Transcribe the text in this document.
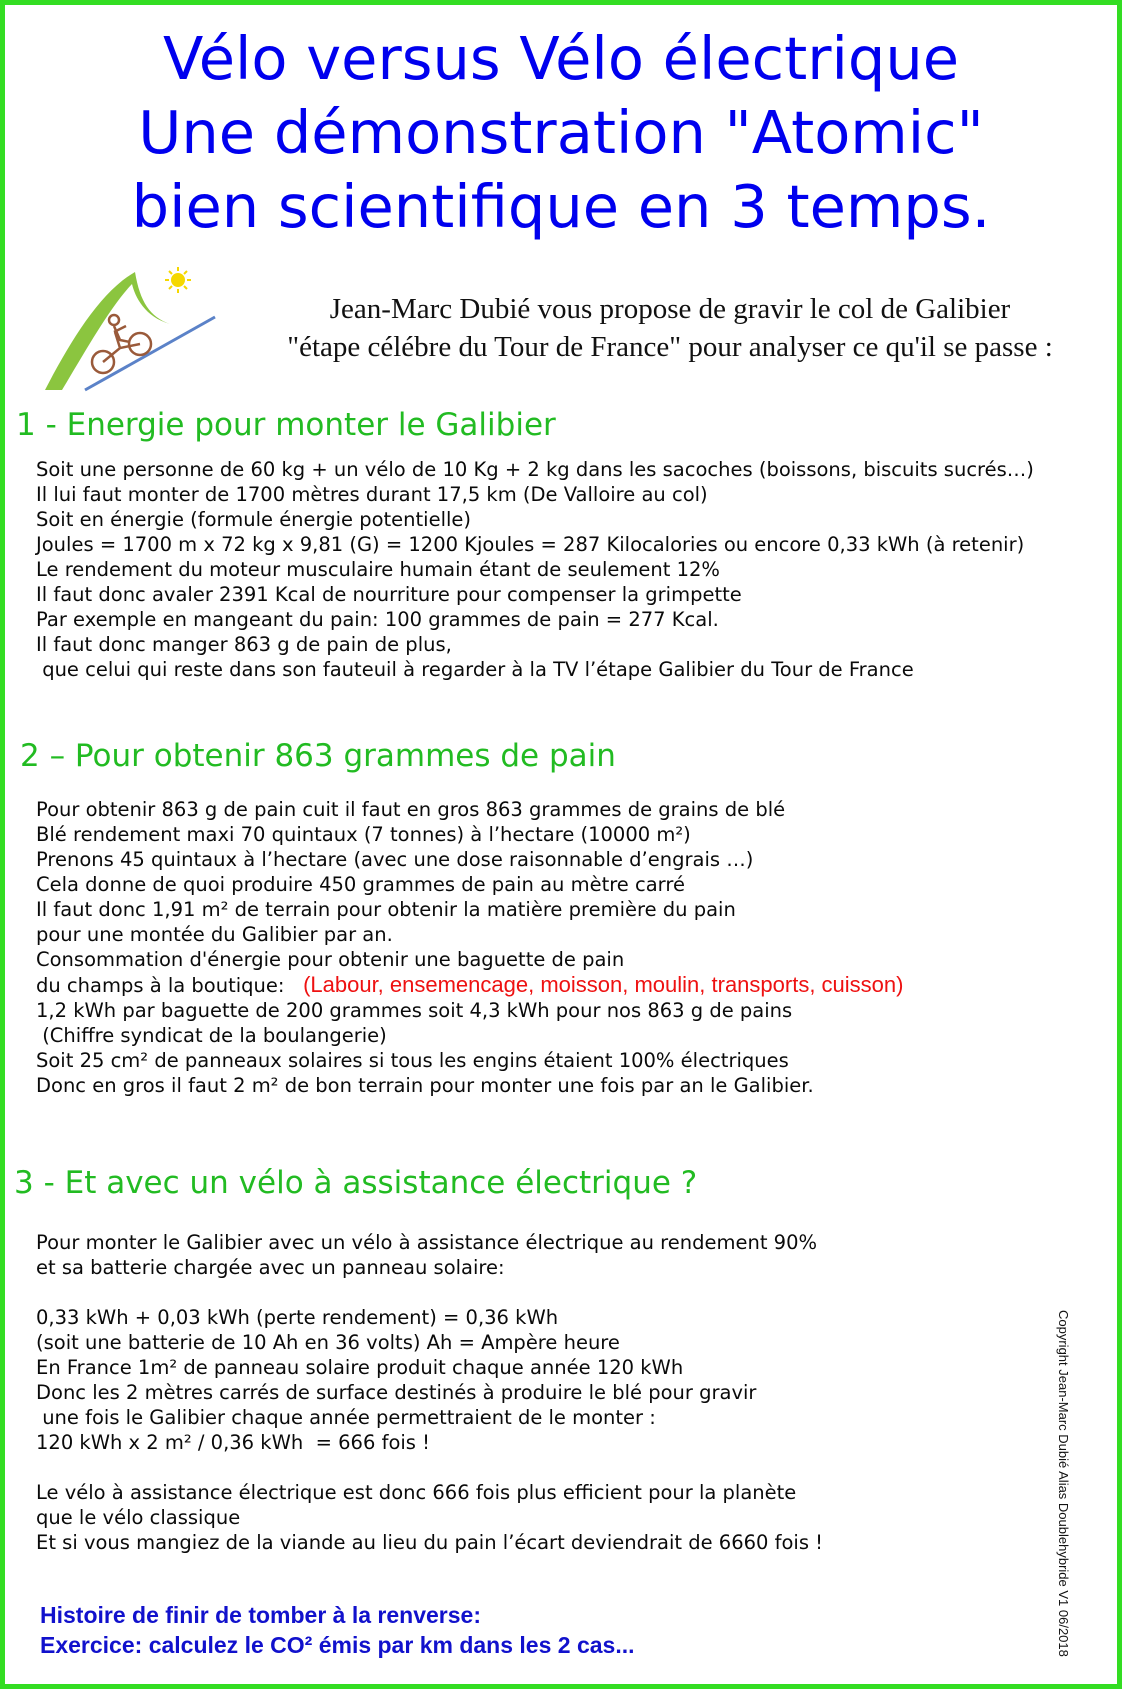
Vélo versus Vélo électrique
Une démonstration "Atomic"
bien scientifique en 3 temps.
Jean-Marc Dubié vous propose de gravir le col de Galibier
"étape célébre du Tour de France" pour analyser ce qu'il se passe :
1 - Energie pour monter le Galibier
Soit une personne de 60 kg + un vélo de 10 Kg + 2 kg dans les sacoches (boissons, biscuits sucrés…)
Il lui faut monter de 1700 mètres durant 17,5 km (De Valloire au col)
Soit en énergie (formule énergie potentielle)
Joules = 1700 m x 72 kg x 9,81 (G) = 1200 Kjoules = 287 Kilocalories ou encore 0,33 kWh (à retenir)
Le rendement du moteur musculaire humain étant de seulement 12%
Il faut donc avaler 2391 Kcal de nourriture pour compenser la grimpette
Par exemple en mangeant du pain: 100 grammes de pain = 277 Kcal.
Il faut donc manger 863 g de pain de plus,
que celui qui reste dans son fauteuil à regarder à la TV l’étape Galibier du Tour de France
2 – Pour obtenir 863 grammes de pain
Pour obtenir 863 g de pain cuit il faut en gros 863 grammes de grains de blé
Blé rendement maxi 70 quintaux (7 tonnes) à l’hectare (10000 m²)
Prenons 45 quintaux à l’hectare (avec une dose raisonnable d’engrais …)
Cela donne de quoi produire 450 grammes de pain au mètre carré
Il faut donc 1,91 m² de terrain pour obtenir la matière première du pain
pour une montée du Galibier par an.
Consommation d'énergie pour obtenir une baguette de pain
du champs à la boutique: (Labour, ensemencage, moisson, moulin, transports, cuisson)
1,2 kWh par baguette de 200 grammes soit 4,3 kWh pour nos 863 g de pains
(Chiffre syndicat de la boulangerie)
Soit 25 cm² de panneaux solaires si tous les engins étaient 100% électriques
Donc en gros il faut 2 m² de bon terrain pour monter une fois par an le Galibier.
3 - Et avec un vélo à assistance électrique ?
Pour monter le Galibier avec un vélo à assistance électrique au rendement 90%
et sa batterie chargée avec un panneau solaire:
0,33 kWh + 0,03 kWh (perte rendement) = 0,36 kWh
(soit une batterie de 10 Ah en 36 volts) Ah = Ampère heure
En France 1m² de panneau solaire produit chaque année 120 kWh
Donc les 2 mètres carrés de surface destinés à produire le blé pour gravir
une fois le Galibier chaque année permettraient de le monter :
120 kWh x 2 m² / 0,36 kWh  = 666 fois !
Le vélo à assistance électrique est donc 666 fois plus efficient pour la planète
que le vélo classique
Et si vous mangiez de la viande au lieu du pain l’écart deviendrait de 6660 fois !
Histoire de finir de tomber à la renverse:
Exercice: calculez le CO² émis par km dans les 2 cas...	Copyright Jean-Marc Dubié Alias Doublehybride V1 06/2018
